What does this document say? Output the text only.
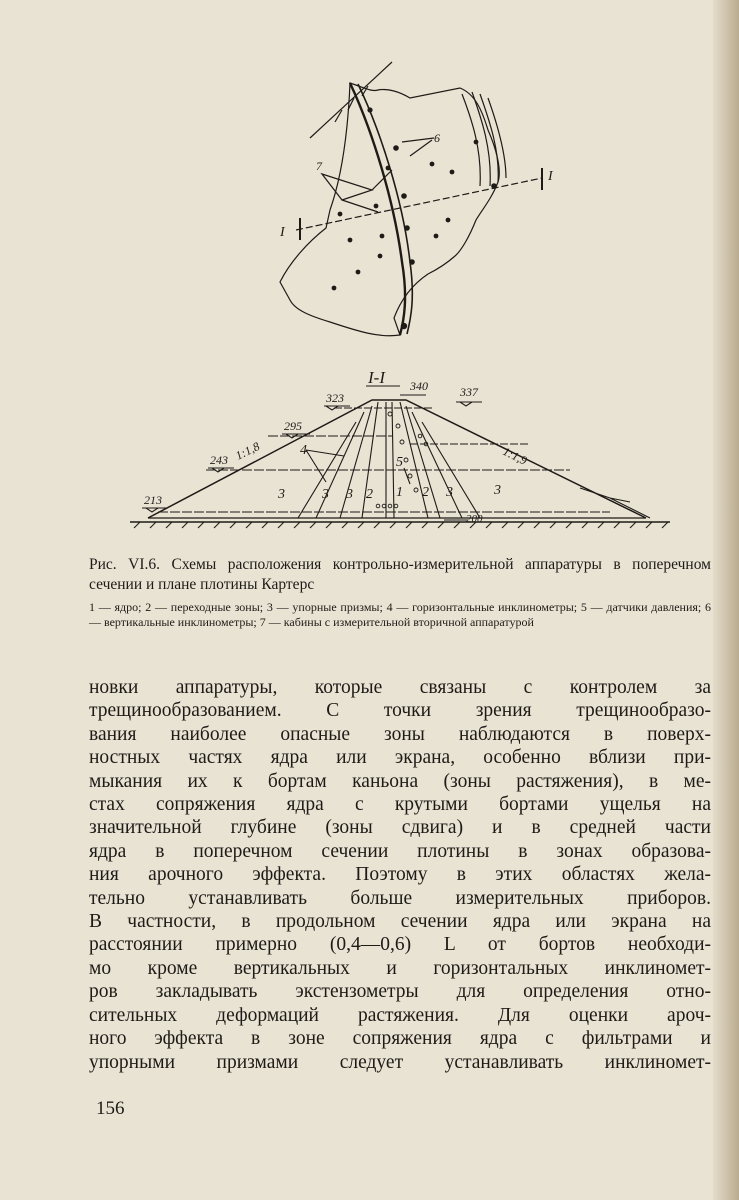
6
7
I
I
I-I
323
340	337
295
243
213
200
1:1,8	1:1,9
3
4
3 3 2 1
5
2 3	3

Рис. VI.6. Схемы расположения контрольно-измерительной аппаратуры в поперечном сечении и плане плотины Картерс

1 — ядро; 2 — переходные зоны; 3 — упорные призмы; 4 — горизонтальные инклинометры; 5 — датчики давления; 6 — вертикальные инклинометры; 7 — кабины с измерительной вторичной аппаратурой

новки аппаратуры, которые связаны с контролем за

трещинообразованием. С точки зрения трещинообразо-

вания наиболее опасные зоны наблюдаются в поверх-

ностных частях ядра или экрана, особенно вблизи при-

мыкания их к бортам каньона (зоны растяжения), в ме-

стах сопряжения ядра с крутыми бортами ущелья на

значительной глубине (зоны сдвига) и в средней части

ядра в поперечном сечении плотины в зонах образова-

ния арочного эффекта. Поэтому в этих областях жела-

тельно устанавливать больше измерительных приборов.

В частности, в продольном сечении ядра или экрана на

расстоянии примерно (0,4—0,6) L от бортов необходи-

мо кроме вертикальных и горизонтальных инклиномет-

ров закладывать экстензометры для определения отно-

сительных деформаций растяжения. Для оценки ароч-

ного эффекта в зоне сопряжения ядра с фильтрами и

упорными призмами следует устанавливать инклиномет-

156
